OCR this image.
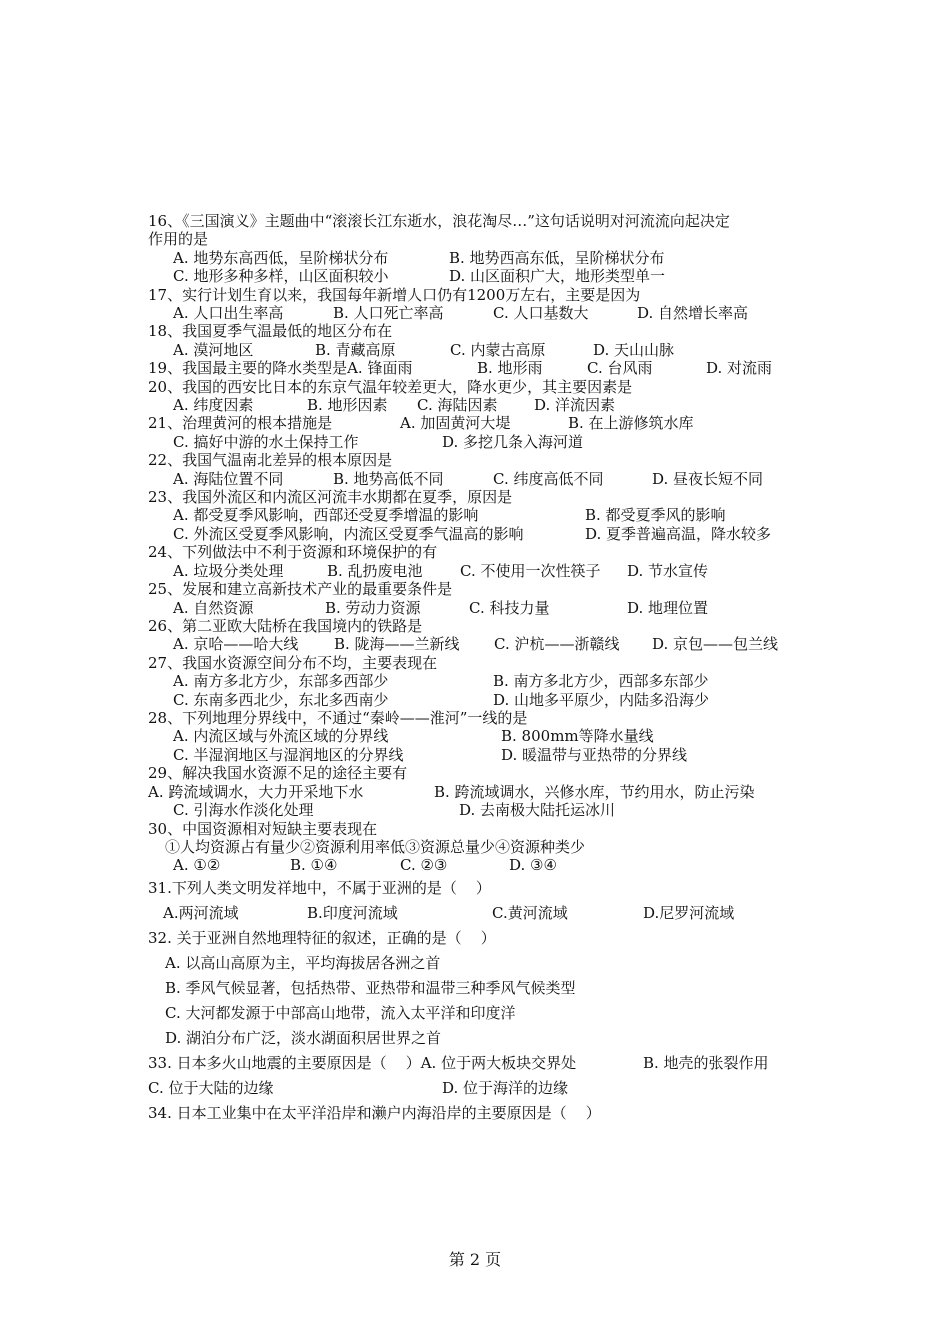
16、《三国演义》主题曲中“滚滚长江东逝水，浪花淘尽…”这句话说明对河流流向起决定
作用的是
A. 地势东高西低，呈阶梯状分布	B. 地势西高东低，呈阶梯状分布
C. 地形多种多样，山区面积较小	D. 山区面积广大，地形类型单一
17、实行计划生育以来，我国每年新增人口仍有1200万左右，主要是因为
A. 人口出生率高	B. 人口死亡率高	C. 人口基数大	D. 自然增长率高
18、我国夏季气温最低的地区分布在
A. 漠河地区	B. 青藏高原	C. 内蒙古高原	D. 天山山脉
19、我国最主要的降水类型是A. 锋面雨	B. 地形雨	C. 台风雨	D. 对流雨
20、我国的西安比日本的东京气温年较差更大，降水更少，其主要因素是
A. 纬度因素	B. 地形因素 C. 海陆因素 D. 洋流因素
21、治理黄河的根本措施是	A. 加固黄河大堤	B. 在上游修筑水库
C. 搞好中游的水土保持工作	D. 多挖几条入海河道
22、我国气温南北差异的根本原因是
A. 海陆位置不同	B. 地势高低不同	C. 纬度高低不同	D. 昼夜长短不同
23、我国外流区和内流区河流丰水期都在夏季，原因是
A. 都受夏季风影响，西部还受夏季增温的影响	B. 都受夏季风的影响
C. 外流区受夏季风影响，内流区受夏季气温高的影响	D. 夏季普遍高温，降水较多
24、下列做法中不利于资源和环境保护的有
A. 垃圾分类处理	B. 乱扔废电池 C. 不使用一次性筷子 D. 节水宣传
25、发展和建立高新技术产业的最重要条件是
A. 自然资源	B. 劳动力资源	C. 科技力量	D. 地理位置
26、第二亚欧大陆桥在我国境内的铁路是
A. 京哈——哈大线 B. 陇海——兰新线 C. 沪杭——浙赣线 D. 京包——包兰线
27、我国水资源空间分布不均，主要表现在
A. 南方多北方少，东部多西部少	B. 南方多北方少，西部多东部少
C. 东南多西北少，东北多西南少	D. 山地多平原少，内陆多沿海少
28、下列地理分界线中，不通过“秦岭——淮河”一线的是
A. 内流区域与外流区域的分界线	B. 800mm等降水量线
C. 半湿润地区与湿润地区的分界线	D. 暖温带与亚热带的分界线
29、解决我国水资源不足的途径主要有
A. 跨流域调水，大力开采地下水	B. 跨流域调水，兴修水库，节约用水，防止污染
C. 引海水作淡化处理	D. 去南极大陆托运冰川
30、中国资源相对短缺主要表现在
①人均资源占有量少②资源利用率低③资源总量少④资源种类少
A. ①②	B. ①④	C. ②③	D. ③④
31.下列人类文明发祥地中，不属于亚洲的是（    ）
A.两河流域	B.印度河流域	C.黄河流域	D.尼罗河流域
32. 关于亚洲自然地理特征的叙述，正确的是（    ）
A. 以高山高原为主，平均海拔居各洲之首
B. 季风气候显著，包括热带、亚热带和温带三种季风气候类型
C. 大河都发源于中部高山地带，流入太平洋和印度洋
D. 湖泊分布广泛，淡水湖面积居世界之首
33. 日本多火山地震的主要原因是（    ）A. 位于两大板块交界处	B. 地壳的张裂作用
C. 位于大陆的边缘	D. 位于海洋的边缘
34. 日本工业集中在太平洋沿岸和濑户内海沿岸的主要原因是（    ）
第 2 页
